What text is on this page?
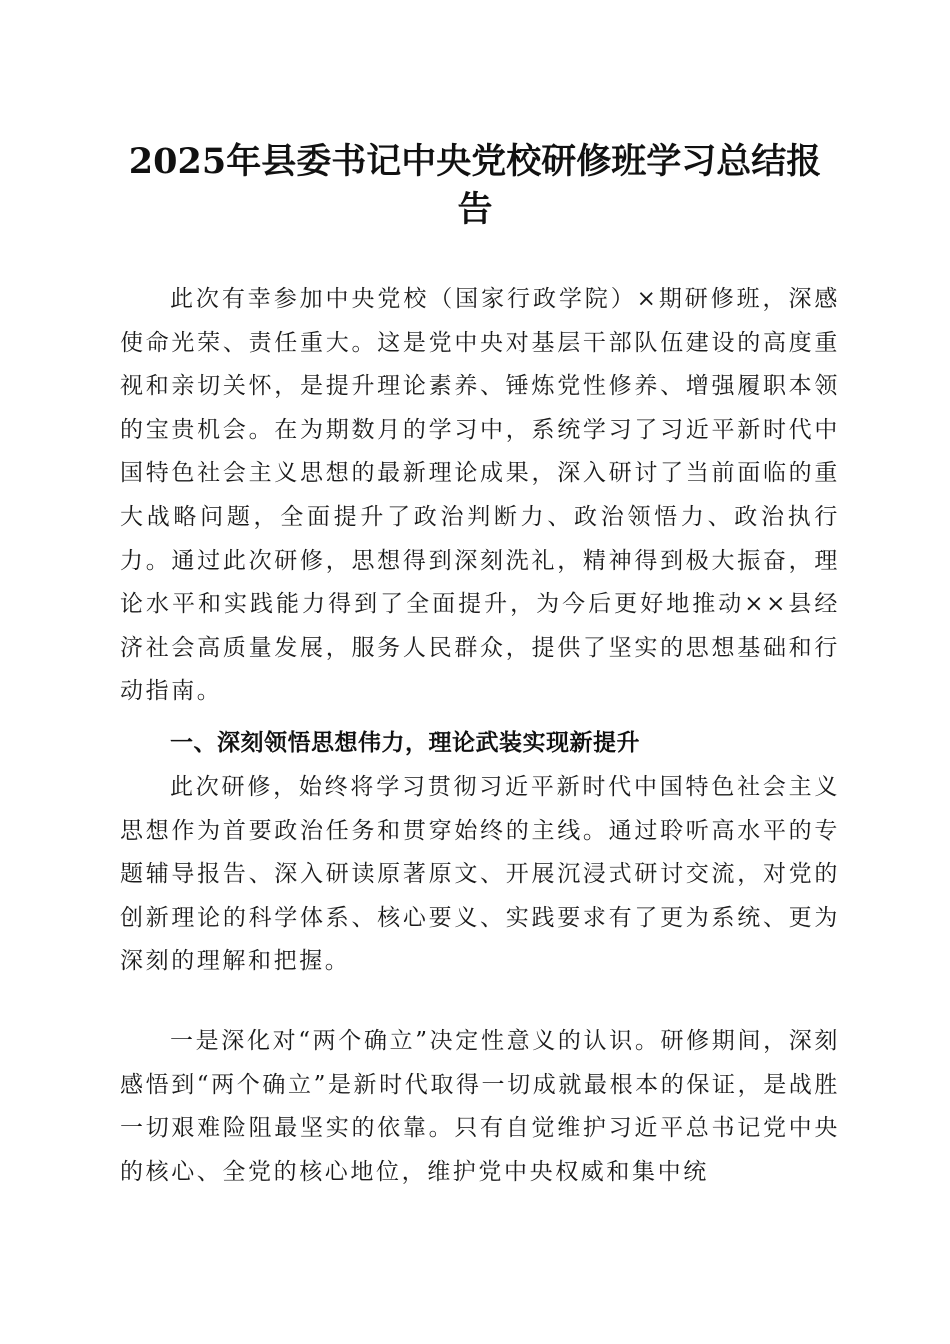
2025年县委书记中央党校研修班学习总结报告

此次有幸参加中央党校（国家行政学院）×期研修班，深感使命光荣、责任重大。这是党中央对基层干部队伍建设的高度重视和亲切关怀，是提升理论素养、锤炼党性修养、增强履职本领的宝贵机会。在为期数月的学习中，系统学习了习近平新时代中国特色社会主义思想的最新理论成果，深入研讨了当前面临的重大战略问题，全面提升了政治判断力、政治领悟力、政治执行力。通过此次研修，思想得到深刻洗礼，精神得到极大振奋，理论水平和实践能力得到了全面提升，为今后更好地推动××县经济社会高质量发展，服务人民群众，提供了坚实的思想基础和行动指南。

一、深刻领悟思想伟力，理论武装实现新提升

此次研修，始终将学习贯彻习近平新时代中国特色社会主义思想作为首要政治任务和贯穿始终的主线。通过聆听高水平的专题辅导报告、深入研读原著原文、开展沉浸式研讨交流，对党的创新理论的科学体系、核心要义、实践要求有了更为系统、更为深刻的理解和把握。

一是深化对“两个确立”决定性意义的认识。研修期间，深刻感悟到“两个确立”是新时代取得一切成就最根本的保证，是战胜一切艰难险阻最坚实的依靠。只有自觉维护习近平总书记党中央的核心、全党的核心地位，维护党中央权威和集中统
